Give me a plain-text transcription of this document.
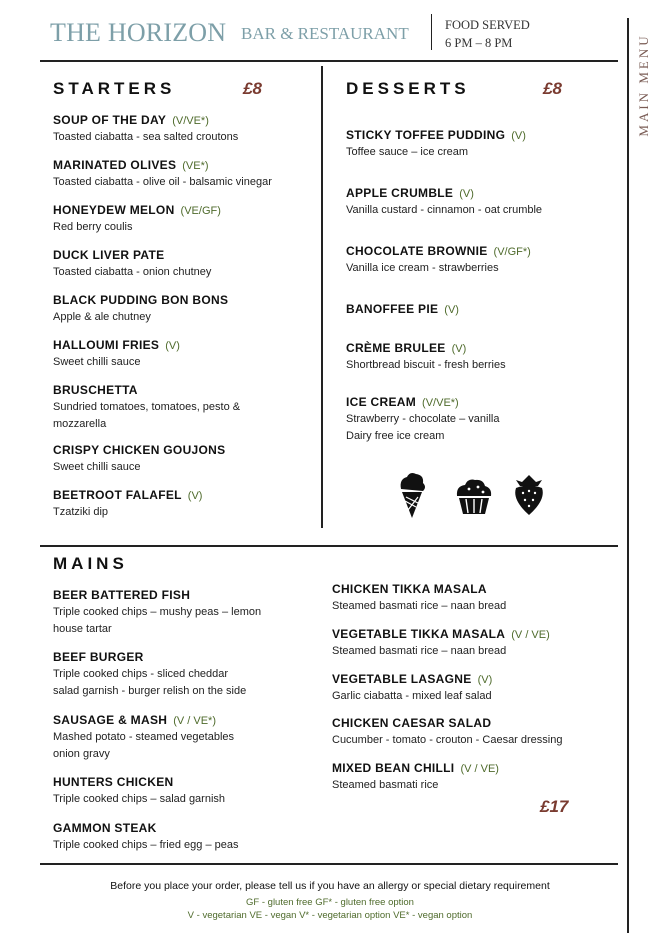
THE HORIZON BAR & RESTAURANT	FOOD SERVED
6 PM – 8 PM	MAIN MENU
STARTERS	£8
SOUP OF THE DAY (V/VE*)
Toasted ciabatta - sea salted croutons
MARINATED OLIVES (VE*)
Toasted ciabatta - olive oil - balsamic vinegar
HONEYDEW MELON (VE/GF)
Red berry coulis
DUCK LIVER PATE
Toasted ciabatta - onion chutney
BLACK PUDDING BON BONS
Apple & ale chutney
HALLOUMI FRIES (V)
Sweet chilli sauce
BRUSCHETTA
Sundried tomatoes, tomatoes, pesto &
mozzarella
CRISPY CHICKEN GOUJONS
Sweet chilli sauce
BEETROOT FALAFEL (V)
Tzatziki dip
DESSERTS	£8
STICKY TOFFEE PUDDING (V)
Toffee sauce – ice cream
APPLE CRUMBLE (V)
Vanilla custard - cinnamon - oat crumble
CHOCOLATE BROWNIE (V/GF*)
Vanilla ice cream - strawberries
BANOFFEE PIE (V)
CRÈME BRULEE (V)
Shortbread biscuit - fresh berries
ICE CREAM (V/VE*)
Strawberry - chocolate – vanilla
Dairy free ice cream
MAINS
BEER BATTERED FISH
Triple cooked chips – mushy peas – lemon
house tartar
BEEF BURGER
Triple cooked chips - sliced cheddar
salad garnish - burger relish on the side
SAUSAGE & MASH (V / VE*)
Mashed potato - steamed vegetables
onion gravy
HUNTERS CHICKEN
Triple cooked chips – salad garnish
GAMMON STEAK
Triple cooked chips – fried egg – peas
CHICKEN TIKKA MASALA
Steamed basmati rice – naan bread
VEGETABLE TIKKA MASALA (V / VE)
Steamed basmati rice – naan bread
VEGETABLE LASAGNE (V)
Garlic ciabatta - mixed leaf salad
CHICKEN CAESAR SALAD
Cucumber - tomato - crouton - Caesar dressing
MIXED BEAN CHILLI (V / VE)
Steamed basmati rice
£17
Before you place your order, please tell us if you have an allergy or special dietary requirement
GF - gluten free GF* - gluten free option
V - vegetarian VE - vegan V* - vegetarian option VE* - vegan option
